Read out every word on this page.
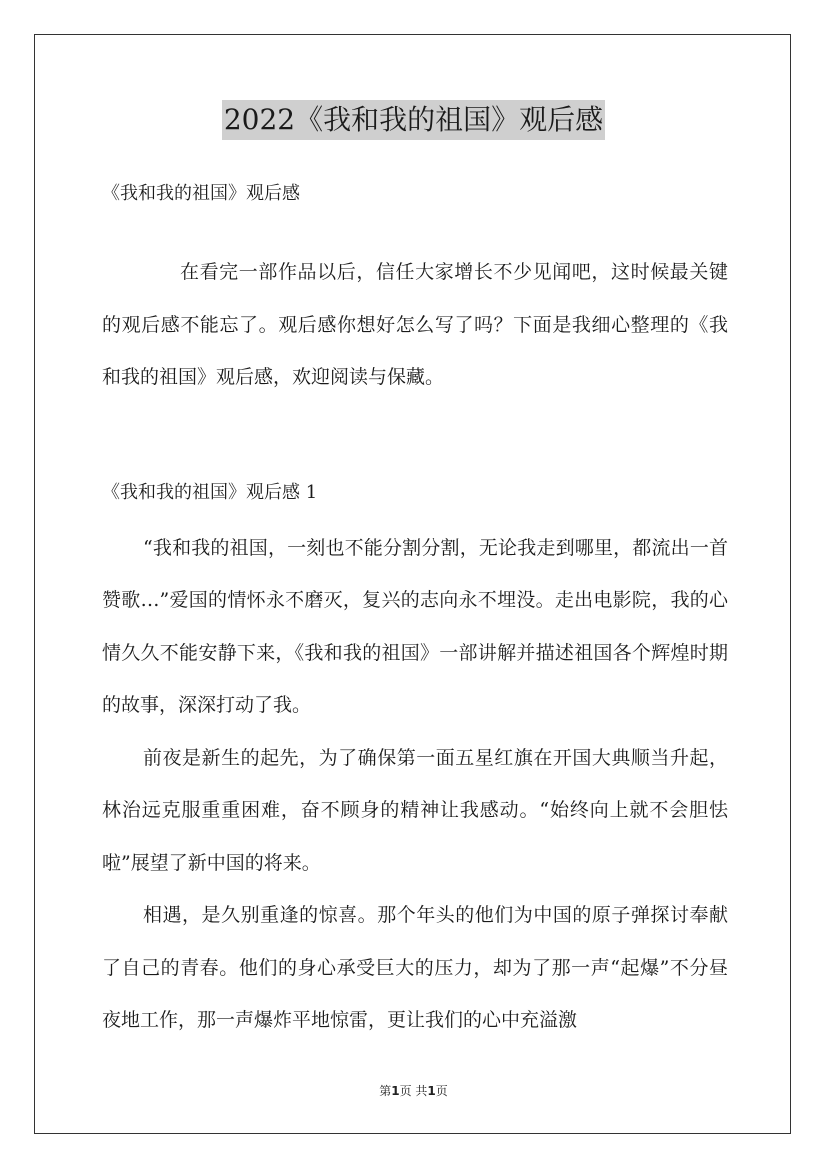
2022《我和我的祖国》观后感

《我和我的祖国》观后感

在看完一部作品以后，信任大家增长不少见闻吧，这时候最关键的观后感不能忘了。观后感你想好怎么写了吗？下面是我细心整理的《我和我的祖国》观后感，欢迎阅读与保藏。

《我和我的祖国》观后感 1

“我和我的祖国，一刻也不能分割分割，无论我走到哪里，都流出一首赞歌…”爱国的情怀永不磨灭，复兴的志向永不埋没。走出电影院，我的心情久久不能安静下来，《我和我的祖国》一部讲解并描述祖国各个辉煌时期的故事，深深打动了我。

前夜是新生的起先，为了确保第一面五星红旗在开国大典顺当升起，林治远克服重重困难，奋不顾身的精神让我感动。“始终向上就不会胆怯啦”展望了新中国的将来。

相遇，是久别重逢的惊喜。那个年头的他们为中国的原子弹探讨奉献了自己的青春。他们的身心承受巨大的压力，却为了那一声“起爆”不分昼夜地工作，那一声爆炸平地惊雷，更让我们的心中充溢激

第1页 共1页
